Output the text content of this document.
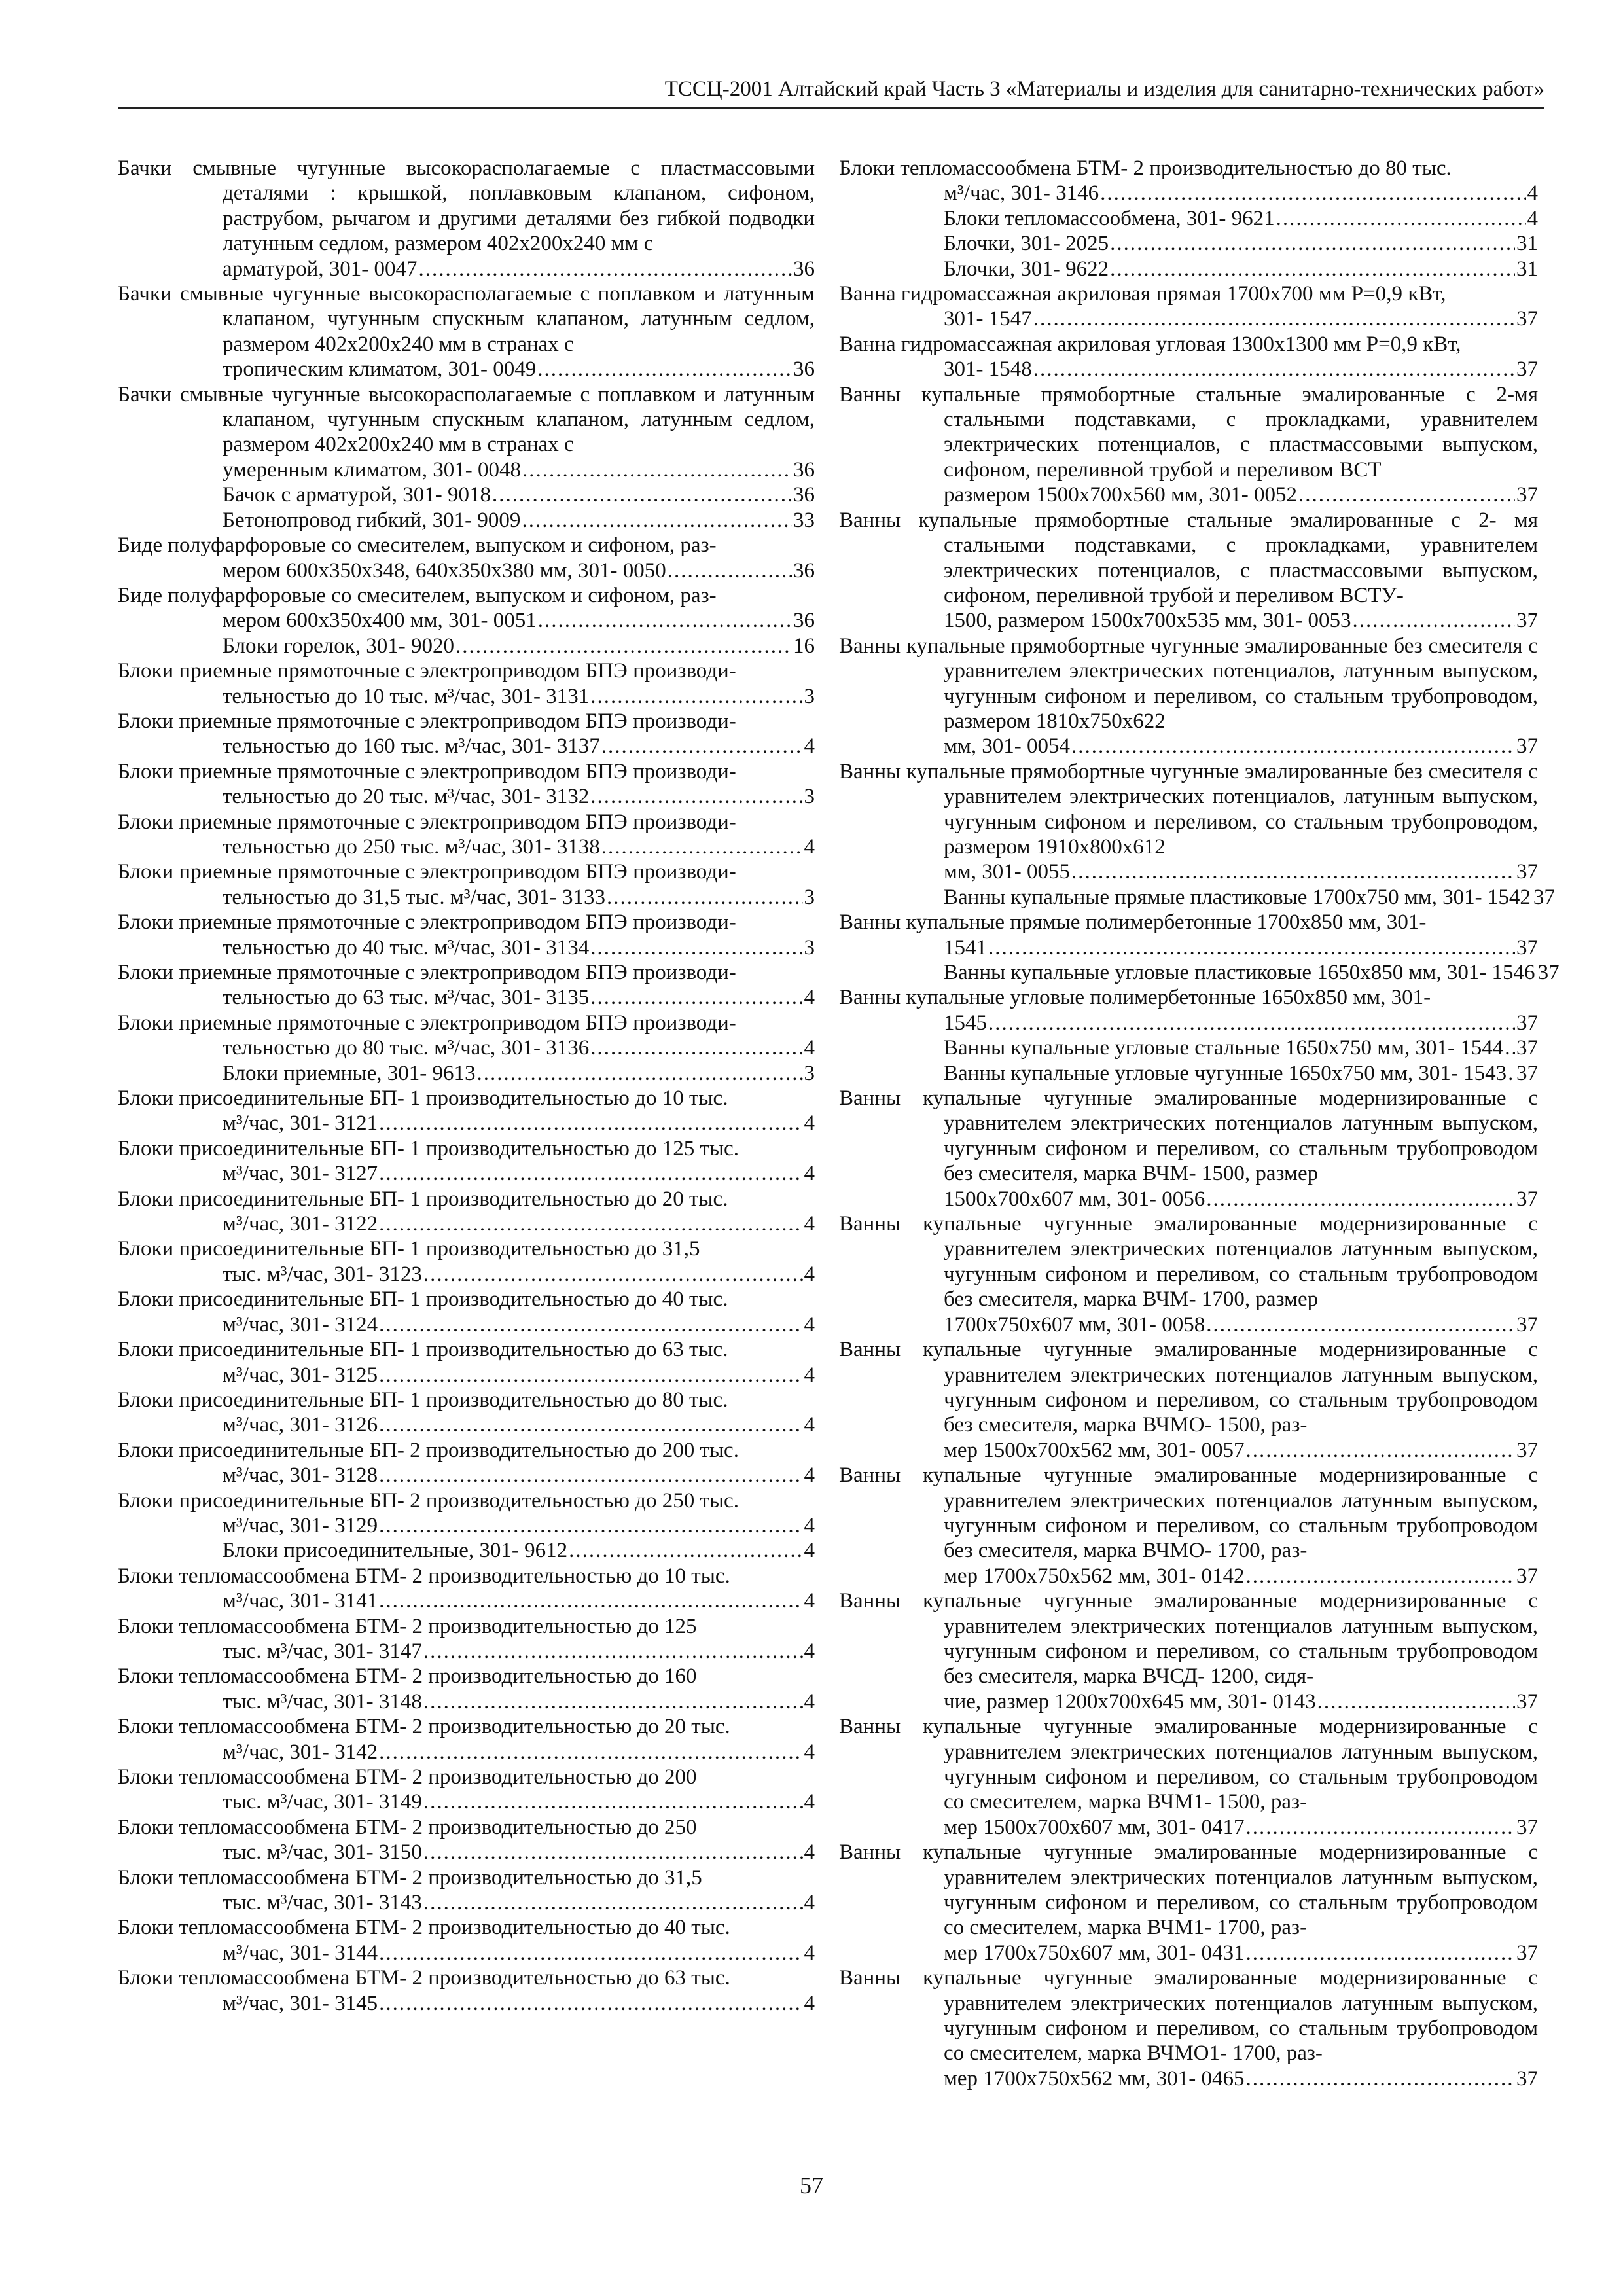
ТССЦ-2001 Алтайский край Часть 3 «Материалы и изделия для санитарно-технических работ»
Бачки смывные чугунные высокорасполагаемые с пластмассовыми деталями : крышкой, поплавковым клапаном, сифоном, раструбом, рычагом и другими деталями без гибкой подводки латунным седлом, размером 402x200x240 мм с
арматурой, 301- 0047 .....	36
Бачки смывные чугунные высокорасполагаемые с поплавком и латунным клапаном, чугунным спускным клапаном, латунным седлом, размером 402x200x240 мм в странах с
тропическим климатом, 301- 0049 .....	36
Бачки смывные чугунные высокорасполагаемые с поплавком и латунным клапаном, чугунным спускным клапаном, латунным седлом, размером 402x200x240 мм в странах с
умеренным климатом, 301- 0048 .....	36
Бачок с арматурой, 301- 9018 .....	36
Бетонопровод гибкий, 301- 9009 .....	33
Биде полуфарфоровые со смесителем, выпуском и сифоном, раз-
мером 600x350x348, 640x350x380 мм, 301- 0050 .....	36
Биде полуфарфоровые со смесителем, выпуском и сифоном, раз-
мером 600x350x400 мм, 301- 0051 .....	36
Блоки горелок, 301- 9020 .....	16
Блоки приемные прямоточные с электроприводом БПЭ производи-
тельностью до 10 тыс. м³/час, 301- 3131 .....	3
Блоки приемные прямоточные с электроприводом БПЭ производи-
тельностью до 160 тыс. м³/час, 301- 3137 .....	4
Блоки приемные прямоточные с электроприводом БПЭ производи-
тельностью до 20 тыс. м³/час, 301- 3132 .....	3
Блоки приемные прямоточные с электроприводом БПЭ производи-
тельностью до 250 тыс. м³/час, 301- 3138 .....	4
Блоки приемные прямоточные с электроприводом БПЭ производи-
тельностью до 31,5 тыс. м³/час, 301- 3133 .....	3
Блоки приемные прямоточные с электроприводом БПЭ производи-
тельностью до 40 тыс. м³/час, 301- 3134 .....	3
Блоки приемные прямоточные с электроприводом БПЭ производи-
тельностью до 63 тыс. м³/час, 301- 3135 .....	4
Блоки приемные прямоточные с электроприводом БПЭ производи-
тельностью до 80 тыс. м³/час, 301- 3136 .....	4
Блоки приемные, 301- 9613 .....	3
Блоки присоединительные БП- 1 производительностью до 10 тыс.
м³/час, 301- 3121 .....	4
Блоки присоединительные БП- 1 производительностью до 125 тыс.
м³/час, 301- 3127 .....	4
Блоки присоединительные БП- 1 производительностью до 20 тыс.
м³/час, 301- 3122 .....	4
Блоки присоединительные БП- 1 производительностью до 31,5
тыс. м³/час, 301- 3123 .....	4
Блоки присоединительные БП- 1 производительностью до 40 тыс.
м³/час, 301- 3124 .....	4
Блоки присоединительные БП- 1 производительностью до 63 тыс.
м³/час, 301- 3125 .....	4
Блоки присоединительные БП- 1 производительностью до 80 тыс.
м³/час, 301- 3126 .....	4
Блоки присоединительные БП- 2 производительностью до 200 тыс.
м³/час, 301- 3128 .....	4
Блоки присоединительные БП- 2 производительностью до 250 тыс.
м³/час, 301- 3129 .....	4
Блоки присоединительные, 301- 9612 .....	4
Блоки тепломассообмена БТМ- 2 производительностью до 10 тыс.
м³/час, 301- 3141 .....	4
Блоки тепломассообмена БТМ- 2 производительностью до 125
тыс. м³/час, 301- 3147 .....	4
Блоки тепломассообмена БТМ- 2 производительностью до 160
тыс. м³/час, 301- 3148 .....	4
Блоки тепломассообмена БТМ- 2 производительностью до 20 тыс.
м³/час, 301- 3142 .....	4
Блоки тепломассообмена БТМ- 2 производительностью до 200
тыс. м³/час, 301- 3149 .....	4
Блоки тепломассообмена БТМ- 2 производительностью до 250
тыс. м³/час, 301- 3150 .....	4
Блоки тепломассообмена БТМ- 2 производительностью до 31,5
тыс. м³/час, 301- 3143 .....	4
Блоки тепломассообмена БТМ- 2 производительностью до 40 тыс.
м³/час, 301- 3144 .....	4
Блоки тепломассообмена БТМ- 2 производительностью до 63 тыс.
м³/час, 301- 3145 .....	4
Блоки тепломассообмена БТМ- 2 производительностью до 80 тыс.
м³/час, 301- 3146 .....	4
Блоки тепломассообмена, 301- 9621 .....	4
Блочки, 301- 2025 .....	31
Блочки, 301- 9622 .....	31
Ванна гидромассажная акриловая прямая 1700x700 мм P=0,9 кВт,
301- 1547 .....	37
Ванна гидромассажная акриловая угловая 1300x1300 мм P=0,9 кВт,
301- 1548 .....	37
Ванны купальные прямобортные стальные эмалированные с 2-мя стальными подставками, с прокладками, уравнителем электрических потенциалов, с пластмассовыми выпуском, сифоном, переливной трубой и переливом ВСТ
размером 1500x700x560 мм, 301- 0052 .....	37
Ванны купальные прямобортные стальные эмалированные с 2- мя стальными подставками, с прокладками, уравнителем электрических потенциалов, с пластмассовыми выпуском, сифоном, переливной трубой и переливом ВСТУ-
1500, размером 1500x700x535 мм, 301- 0053 .....	37
Ванны купальные прямобортные чугунные эмалированные без смесителя с уравнителем электрических потенциалов, латунным выпуском, чугунным сифоном и переливом, со стальным трубопроводом, размером 1810x750x622
мм, 301- 0054 .....	37
Ванны купальные прямобортные чугунные эмалированные без смесителя с уравнителем электрических потенциалов, латунным выпуском, чугунным сифоном и переливом, со стальным трубопроводом, размером 1910x800x612
мм, 301- 0055 .....	37
Ванны купальные прямые пластиковые 1700x750 мм, 301- 1542 37
Ванны купальные прямые полимербетонные 1700x850 мм, 301-
1541 .....	37
Ванны купальные угловые пластиковые 1650x850 мм, 301- 1546 37
Ванны купальные угловые полимербетонные 1650x850 мм, 301-
1545 .....	37
Ванны купальные угловые стальные 1650x750 мм, 301- 1544 ..... 37
Ванны купальные угловые чугунные 1650x750 мм, 301- 1543 ..... 37
Ванны купальные чугунные эмалированные модернизированные с уравнителем электрических потенциалов латунным выпуском, чугунным сифоном и переливом, со стальным трубопроводом без смесителя, марка ВЧМ- 1500, размер
1500x700x607 мм, 301- 0056 .....	37
Ванны купальные чугунные эмалированные модернизированные с уравнителем электрических потенциалов латунным выпуском, чугунным сифоном и переливом, со стальным трубопроводом без смесителя, марка ВЧМ- 1700, размер
1700x750x607 мм, 301- 0058 .....	37
Ванны купальные чугунные эмалированные модернизированные с уравнителем электрических потенциалов латунным выпуском, чугунным сифоном и переливом, со стальным трубопроводом без смесителя, марка ВЧМО- 1500, раз-
мер 1500x700x562 мм, 301- 0057 .....	37
Ванны купальные чугунные эмалированные модернизированные с уравнителем электрических потенциалов латунным выпуском, чугунным сифоном и переливом, со стальным трубопроводом без смесителя, марка ВЧМО- 1700, раз-
мер 1700x750x562 мм, 301- 0142 .....	37
Ванны купальные чугунные эмалированные модернизированные с уравнителем электрических потенциалов латунным выпуском, чугунным сифоном и переливом, со стальным трубопроводом без смесителя, марка ВЧСД- 1200, сидя-
чие, размер 1200x700x645 мм, 301- 0143 .....	37
Ванны купальные чугунные эмалированные модернизированные с уравнителем электрических потенциалов латунным выпуском, чугунным сифоном и переливом, со стальным трубопроводом со смесителем, марка ВЧМ1- 1500, раз-
мер 1500x700x607 мм, 301- 0417 .....	37
Ванны купальные чугунные эмалированные модернизированные с уравнителем электрических потенциалов латунным выпуском, чугунным сифоном и переливом, со стальным трубопроводом со смесителем, марка ВЧМ1- 1700, раз-
мер 1700x750x607 мм, 301- 0431 .....	37
Ванны купальные чугунные эмалированные модернизированные с уравнителем электрических потенциалов латунным выпуском, чугунным сифоном и переливом, со стальным трубопроводом со смесителем, марка ВЧМО1- 1700, раз-
мер 1700x750x562 мм, 301- 0465 .....	37
57
